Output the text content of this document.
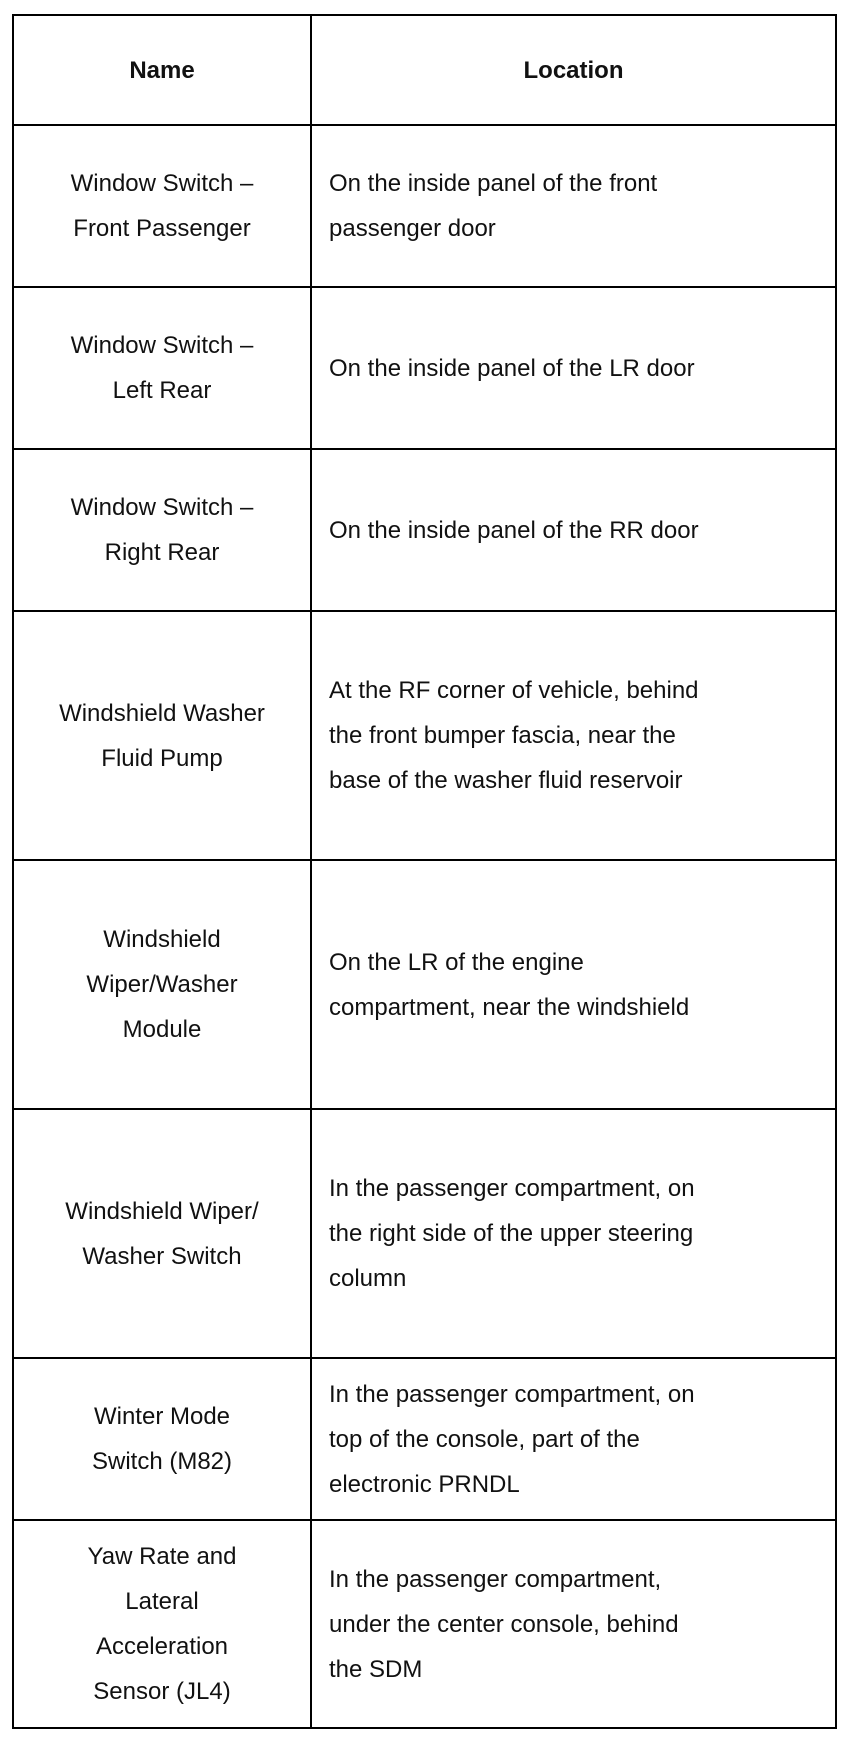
Name	Location

Window Switch –
Front Passenger	On the inside panel of the front
passenger door

Window Switch –
Left Rear	On the inside panel of the LR door

Window Switch –
Right Rear	On the inside panel of the RR door

Windshield Washer
Fluid Pump	At the RF corner of vehicle, behind
the front bumper fascia, near the
base of the washer fluid reservoir

Windshield
Wiper/Washer
Module	On the LR of the engine
compartment, near the windshield

Windshield Wiper/
Washer Switch	In the passenger compartment, on
the right side of the upper steering
column

Winter Mode
Switch (M82)	In the passenger compartment, on
top of the console, part of the
electronic PRNDL

Yaw Rate and
Lateral
Acceleration
Sensor (JL4)	In the passenger compartment,
under the center console, behind
the SDM
